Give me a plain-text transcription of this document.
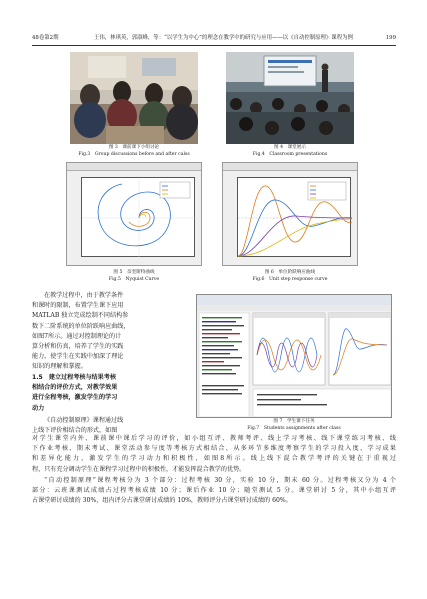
48卷第2期	王伟，林琪英，郭淑峰，等：“以学生为中心”的理念在教学中的研究与应用——以《自动控制原理》课程为例	199
图 3　课前课下小组讨论
Fig.3　Group discussions before and after calss
图 4　课堂展示
Fig.4　Classroom presentations
图 5　奈奎斯特曲线
Fig.5　Nyquist Curve
图 6　单位阶跃响应曲线
Fig.6　Unit step response curve
在教学过程中，由于教学条件
和课时的限制，布置学生课下应用
MATLAB 独立完成绘制不同结构参
数下二阶系统的单位阶跃响应曲线，
如图7所示。通过对控制理论的计
算分析和仿真，培养了学生的实践
能力，使学生在实践中加深了理论
知识的理解和掌握。
1.5　建立过程考核与结果考核
相结合的评价方式，对教学效果
进行全程考核，激发学生的学习
动力
《自动控制原理》课程通过线
上线下评价相结合的形式，如图
图 7　学生课下任务
Fig.7　Students assignments after class
对学生课堂内外、课前课中课后学习的评价，如小组互评、教师考评、线上学习考核、线下课堂练习考核、线
下作业考核、期末考试、课堂活动参与度等考核方式相结合，从多环节多维度考察学生的学习投入度、学习成果
和差异化能力，激发学生的学习动力和积极性，如图8所示。线上线下混合教学考评的关键在于重视过
程，只有充分调动学生在课程学习过程中的积极性，才能发挥混合教学的优势。
“自动控制原理”课程考核分为 3 个部分：过程考核 30 分，实验 10 分，期末 60 分。过程考核又分为 4 个
部分：云班课测试成绩占过程考核成绩 10 分；课后作业 10 分；随堂测试 5 分。课堂研讨 5 分，其中小组互评
占课堂研讨成绩的 30%，组内评分占课堂研讨成绩的 10%，教师评分占课堂研讨成绩的 60%。
